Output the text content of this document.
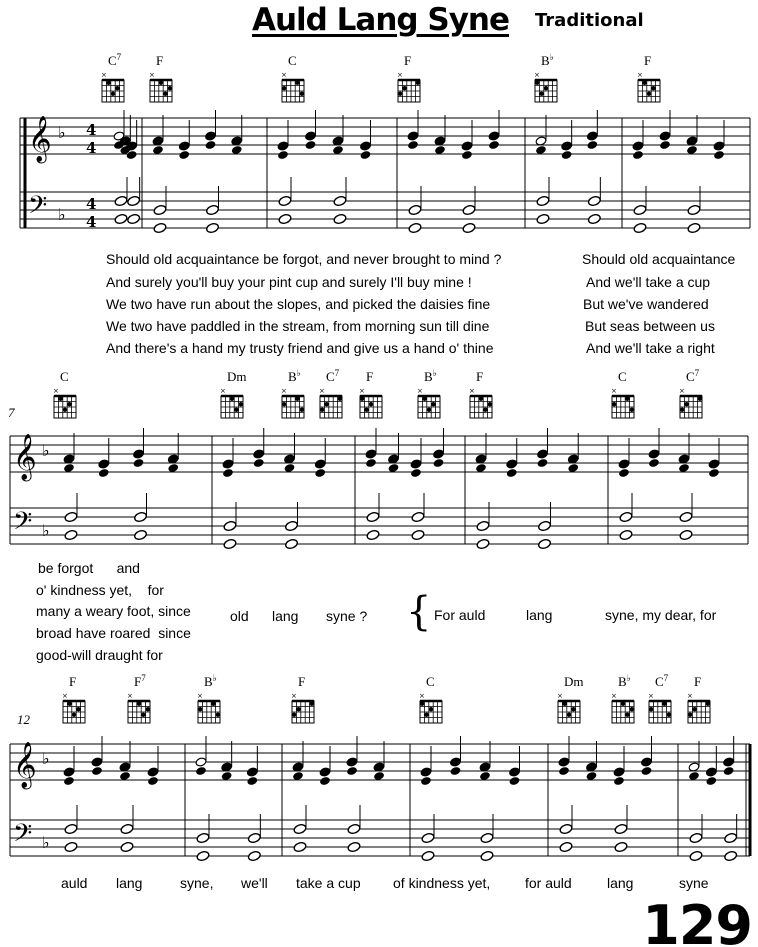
𝄞
𝄢
♭
♭
4
4
4
4
$C^7$
×
F
×
C
×
F
×
B♭
×
F
×
𝄞
𝄢
♭
♭
C
×
Dm
×
B♭
×
$C^7$
×
F
×
B♭
×
F
×
C
×
$C^7$
×
𝄞
𝄢
♭
♭
F
×
$F^7$
×
B♭
×
F
×
C
×
Dm
×
B♭
×
$C^7$
×
F
×
Auld Lang Syne Traditional
Should old acquaintance be forgot, and never brought to mind ?
And surely you'll buy your pint cup and surely I'll buy mine !
We two have run about the slopes, and picked the daisies fine
We two have paddled in the stream, from morning sun till dine
And there's a hand my trusty friend and give us a hand o' thine
Should old acquaintance
And we'll take a cup
But we've wandered
But seas between us
And we'll take a right
be forgot      and
o' kindness yet,    for
many a weary foot, since
broad have roared  since
good-will draught for
old lang syne ? { For auld	lang	syne, my dear, for
auld lang	syne, we'll take a cup of kindness yet, for auld	lang	syne
7
12
129
